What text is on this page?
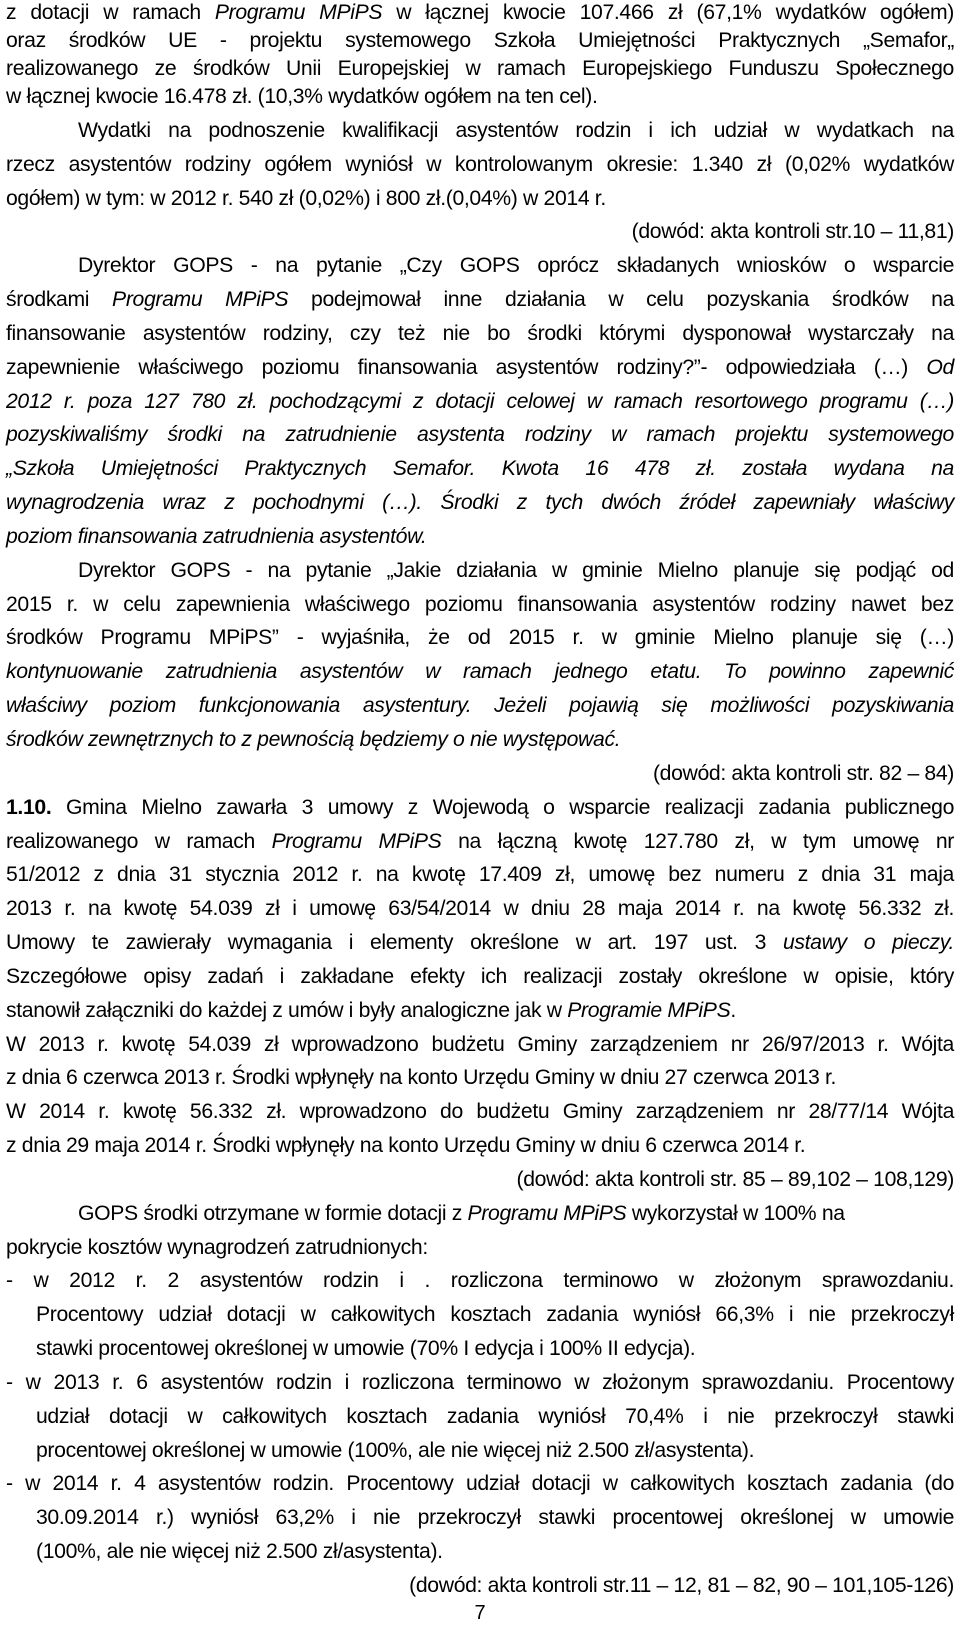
z dotacji w ramach Programu MPiPS w łącznej kwocie 107.466 zł (67,1% wydatków ogółem)

oraz środków UE - projektu systemowego Szkoła Umiejętności Praktycznych „Semafor„

realizowanego ze środków Unii Europejskiej w ramach Europejskiego Funduszu Społecznego

w łącznej kwocie 16.478 zł. (10,3% wydatków ogółem na ten cel).

Wydatki na podnoszenie kwalifikacji asystentów rodzin i ich udział w wydatkach na

rzecz asystentów rodziny ogółem wyniósł w kontrolowanym okresie: 1.340 zł (0,02% wydatków

ogółem) w tym: w 2012 r. 540 zł (0,02%) i 800 zł.(0,04%) w 2014 r.

(dowód: akta kontroli str.10 – 11,81)

Dyrektor GOPS - na pytanie „Czy GOPS oprócz składanych wniosków o wsparcie

środkami Programu MPiPS podejmował inne działania w celu pozyskania środków na

finansowanie asystentów rodziny, czy też nie bo środki którymi dysponował wystarczały na

zapewnienie właściwego poziomu finansowania asystentów rodziny?”- odpowiedziała (…) Od

2012 r. poza 127 780 zł. pochodzącymi z dotacji celowej w ramach resortowego programu (…)

pozyskiwaliśmy środki na zatrudnienie asystenta rodziny w ramach projektu systemowego

„Szkoła Umiejętności Praktycznych Semafor. Kwota 16 478 zł. została wydana na

wynagrodzenia wraz z pochodnymi (…). Środki z tych dwóch źródeł zapewniały właściwy

poziom finansowania zatrudnienia asystentów.

Dyrektor GOPS - na pytanie „Jakie działania w gminie Mielno planuje się podjąć od

2015 r. w celu zapewnienia właściwego poziomu finansowania asystentów rodziny nawet bez

środków Programu MPiPS” - wyjaśniła, że od 2015 r. w gminie Mielno planuje się (…)

kontynuowanie zatrudnienia asystentów w ramach jednego etatu. To powinno zapewnić

właściwy poziom funkcjonowania asystentury. Jeżeli pojawią się możliwości pozyskiwania

środków zewnętrznych to z pewnością będziemy o nie występować.

(dowód: akta kontroli str. 82 – 84)

1.10. Gmina Mielno zawarła 3 umowy z Wojewodą o wsparcie realizacji zadania publicznego

realizowanego w ramach Programu MPiPS na łączną kwotę 127.780 zł, w tym umowę nr

51/2012 z dnia 31 stycznia 2012 r. na kwotę 17.409 zł, umowę bez numeru z dnia 31 maja

2013 r. na kwotę 54.039 zł i umowę 63/54/2014 w dniu 28 maja 2014 r. na kwotę 56.332 zł.

Umowy te zawierały wymagania i elementy określone w art. 197 ust. 3 ustawy o pieczy.

Szczegółowe opisy zadań i zakładane efekty ich realizacji zostały określone w opisie, który

stanowił załączniki do każdej z umów i były analogiczne jak w Programie MPiPS.

W 2013 r. kwotę 54.039 zł wprowadzono budżetu Gminy zarządzeniem nr 26/97/2013 r. Wójta

z dnia 6 czerwca 2013 r. Środki wpłynęły na konto Urzędu Gminy w dniu 27 czerwca 2013 r.

W 2014 r. kwotę 56.332 zł. wprowadzono do budżetu Gminy zarządzeniem nr 28/77/14 Wójta

z dnia 29 maja 2014 r. Środki wpłynęły na konto Urzędu Gminy w dniu 6 czerwca 2014 r.

(dowód: akta kontroli str. 85 – 89,102 – 108,129)

GOPS środki otrzymane w formie dotacji z Programu MPiPS wykorzystał w 100% na

pokrycie kosztów wynagrodzeń zatrudnionych:

- w 2012 r. 2 asystentów rodzin i . rozliczona terminowo w złożonym sprawozdaniu.

Procentowy udział dotacji w całkowitych kosztach zadania wyniósł 66,3% i nie przekroczył

stawki procentowej określonej w umowie (70% I edycja i 100% II edycja).

- w 2013 r. 6 asystentów rodzin i rozliczona terminowo w złożonym sprawozdaniu. Procentowy

udział dotacji w całkowitych kosztach zadania wyniósł 70,4% i nie przekroczył stawki

procentowej określonej w umowie (100%, ale nie więcej niż 2.500 zł/asystenta).

- w 2014 r. 4 asystentów rodzin. Procentowy udział dotacji w całkowitych kosztach zadania (do

30.09.2014 r.) wyniósł 63,2% i nie przekroczył stawki procentowej określonej w umowie

(100%, ale nie więcej niż 2.500 zł/asystenta).

(dowód: akta kontroli str.11 – 12, 81 – 82, 90 – 101,105-126)

7
